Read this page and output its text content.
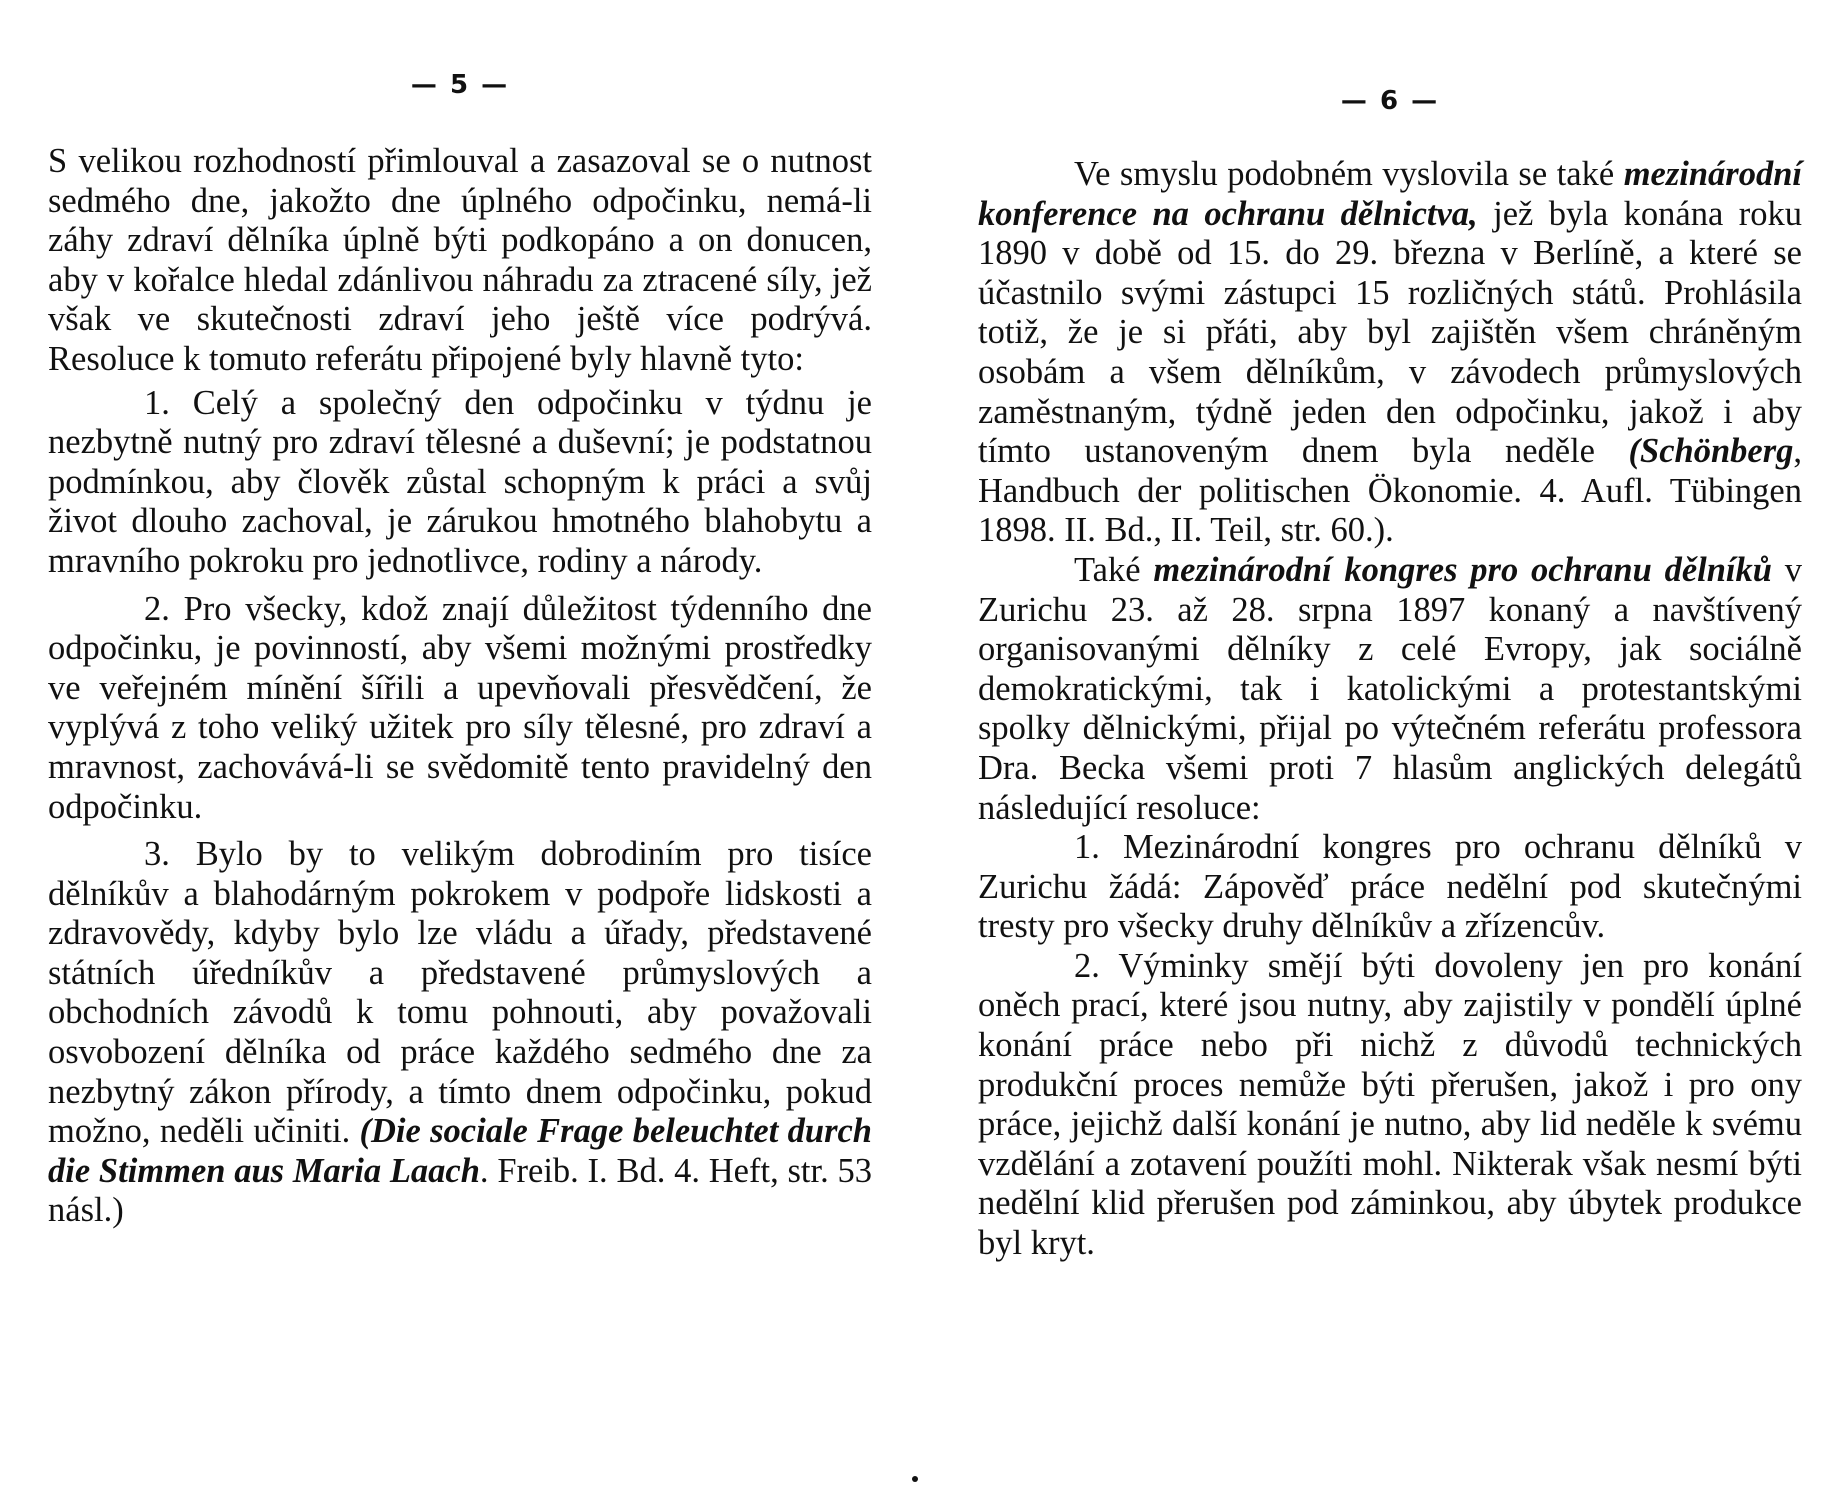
— 5 —

S velikou rozhodností přimlouval a zasazoval se o nutnost sedmého dne, jakožto dne úplného odpočinku, nemá-li záhy zdraví dělníka úplně býti podkopáno a on donucen, aby v kořalce hledal zdánlivou náhradu za ztracené síly, jež však ve skutečnosti zdraví jeho ještě více podrývá. Resoluce k tomuto referátu připojené byly hlavně tyto:

1. Celý a společný den odpočinku v týdnu je nezbytně nutný pro zdraví tělesné a duševní; je podstatnou podmínkou, aby člověk zůstal schopným k práci a svůj život dlouho zachoval, je zárukou hmotného blahobytu a mravního pokroku pro jednotlivce, rodiny a národy.

2. Pro všecky, kdož znají důležitost týdenního dne odpočinku, je povinností, aby všemi možnými prostředky ve veřejném mínění šířili a upevňovali přesvědčení, že vyplývá z toho veliký užitek pro síly tělesné, pro zdraví a mravnost, zachovává-li se svědomitě tento pravidelný den odpočinku.

3. Bylo by to velikým dobrodiním pro tisíce dělníkův a blahodárným pokrokem v podpoře lidskosti a zdravovědy, kdyby bylo lze vládu a úřady, představené státních úředníkův a představené průmyslových a obchodních závodů k tomu pohnouti, aby považovali osvobození dělníka od práce každého sedmého dne za nezbytný zákon přírody, a tímto dnem odpočinku, pokud možno, neděli učiniti. (Die sociale Frage beleuchtet durch die Stimmen aus Maria Laach. Freib. I. Bd. 4. Heft, str. 53 násl.)

— 6 —

Ve smyslu podobném vyslovila se také mezinárodní konference na ochranu dělnictva, jež byla konána roku 1890 v době od 15. do 29. března v Berlíně, a které se účastnilo svými zástupci 15 rozličných států. Prohlásila totiž, že je si přáti, aby byl zajištěn všem chráněným osobám a všem dělníkům, v závodech průmyslových zaměstnaným, týdně jeden den odpočinku, jakož i aby tímto ustanoveným dnem byla neděle (Schönberg, Handbuch der politischen Ökonomie. 4. Aufl. Tübingen 1898. II. Bd., II. Teil, str. 60.).

Také mezinárodní kongres pro ochranu dělníků v Zurichu 23. až 28. srpna 1897 konaný a navštívený organisovanými dělníky z celé Evropy, jak sociálně demokratickými, tak i katolickými a protestantskými spolky dělnickými, přijal po výtečném referátu professora Dra. Becka všemi proti 7 hlasům anglických delegátů následující resoluce:

1. Mezinárodní kongres pro ochranu dělníků v Zurichu žádá: Zápověď práce nedělní pod skutečnými tresty pro všecky druhy dělníkův a zřízencův.

2. Výminky smějí býti dovoleny jen pro konání oněch prací, které jsou nutny, aby zajistily v pondělí úplné konání práce nebo při nichž z důvodů technických produkční proces nemůže býti přerušen, jakož i pro ony práce, jejichž další konání je nutno, aby lid neděle k svému vzdělání a zotavení použíti mohl. Nikterak však nesmí býti nedělní klid přerušen pod záminkou, aby úbytek produkce byl kryt.
